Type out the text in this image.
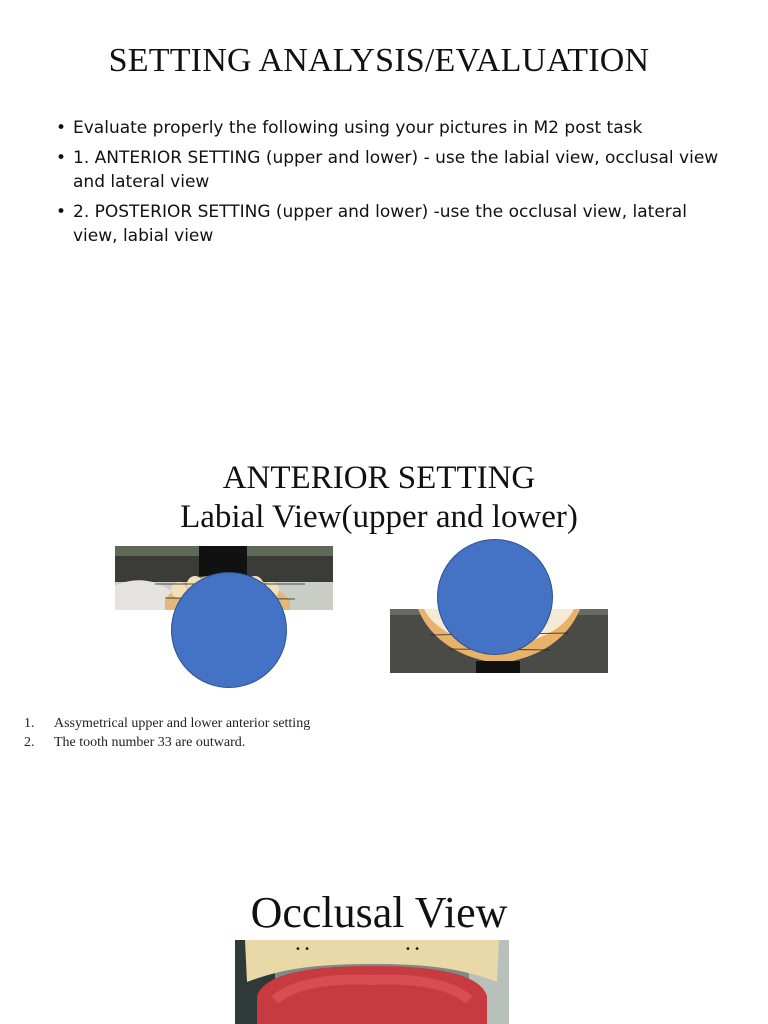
SETTING ANALYSIS/EVALUATION
• Evaluate properly the following using your pictures in M2 post task
• 1. ANTERIOR SETTING (upper and lower) - use the labial view, occlusal view and lateral view
• 2. POSTERIOR SETTING (upper and lower) -use the occlusal view, lateral view, labial view
ANTERIOR SETTING
Labial View(upper and lower)
1. Assymetrical upper and lower anterior setting
2. The tooth number 33 are outward.
Occlusal View
• •	• •
